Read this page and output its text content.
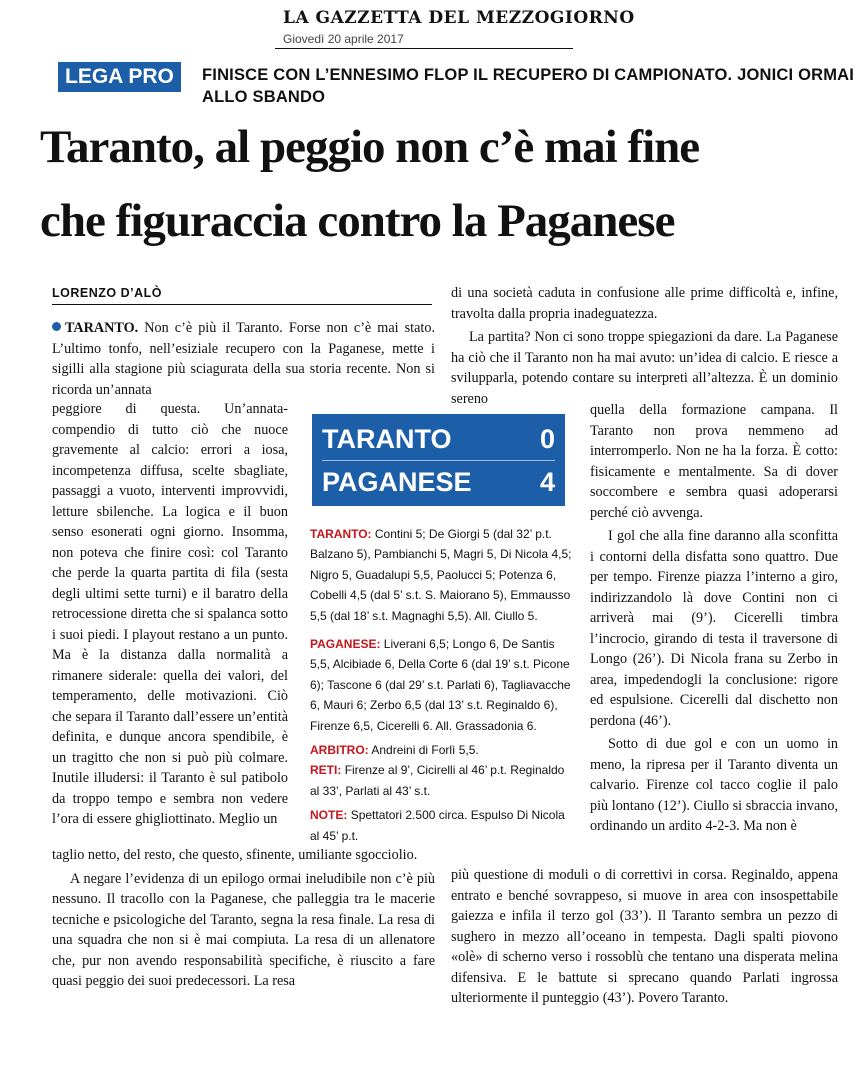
LA GAZZETTA DEL MEZZOGIORNO
Giovedì 20 aprile 2017
LEGA PRO	FINISCE CON L’ENNESIMO FLOP IL RECUPERO DI CAMPIONATO. JONICI ORMAI ALLO SBANDO
Taranto, al peggio non c’è mai fine
che figuraccia contro la Paganese
LORENZO D’ALÒ

TARANTO. Non c’è più il Taranto. Forse non c’è mai stato. L’ultimo tonfo, nell’esiziale recupero con la Paganese, mette i sigilli alla stagione più sciagurata della sua storia recente. Non si ricorda un’annata

peggiore di questa. Un’annata-compendio di tutto ciò che nuoce gravemente al calcio: errori a iosa, incompetenza diffusa, scelte sbagliate, passaggi a vuoto, interventi improvvidi, letture sbilenche. La logica e il buon senso esonerati ogni giorno. Insomma, non poteva che finire così: col Taranto che perde la quarta partita di fila (sesta degli ultimi sette turni) e il baratro della retrocessione diretta che si spalanca sotto i suoi piedi. I playout restano a un punto. Ma è la distanza dalla normalità a rimanere siderale: quella dei valori, del temperamento, delle motivazioni. Ciò che separa il Taranto dall’essere un’entità definita, e dunque ancora spendibile, è un tragitto che non si può più colmare. Inutile illudersi: il Taranto è sul patibolo da troppo tempo e sembra non vedere l’ora di essere ghigliottinato. Meglio un

taglio netto, del resto, che questo, sfinente, umiliante sgocciolio.

A negare l’evidenza di un epilogo ormai ineludibile non c’è più nessuno. Il tracollo con la Paganese, che palleggia tra le macerie tecniche e psicologiche del Taranto, segna la resa finale. La resa di una squadra che non si è mai compiuta. La resa di un allenatore che, pur non avendo responsabilità specifiche, è riuscito a fare quasi peggio dei suoi predecessori. La resa

di una società caduta in confusione alle prime difficoltà e, infine, travolta dalla propria inadeguatezza.

La partita? Non ci sono troppe spiegazioni da dare. La Paganese ha ciò che il Taranto non ha mai avuto: un’idea di calcio. E riesce a svilupparla, potendo contare su interpreti all’altezza. È un dominio sereno

quella della formazione campana. Il Taranto non prova nemmeno ad interromperlo. Non ne ha la forza. È cotto: fisicamente e mentalmente. Sa di dover soccombere e sembra quasi adoperarsi perché ciò avvenga.

I gol che alla fine daranno alla sconfitta i contorni della disfatta sono quattro. Due per tempo. Firenze piazza l’interno a giro, indirizzandolo là dove Contini non ci arriverà mai (9’). Cicerelli timbra l’incrocio, girando di testa il traversone di Longo (26’). Di Nicola frana su Zerbo in area, impedendogli la conclusione: rigore ed espulsione. Cicerelli dal dischetto non perdona (46’).

Sotto di due gol e con un uomo in meno, la ripresa per il Taranto diventa un calvario. Firenze col tacco coglie il palo più lontano (12’). Ciullo si sbraccia invano, ordinando un ardito 4-2-3. Ma non è

più questione di moduli o di correttivi in corsa. Reginaldo, appena entrato e benché sovrappeso, si muove in area con insospettabile gaiezza e infila il terzo gol (33’). Il Taranto sembra un pezzo di sughero in mezzo all’oceano in tempesta. Dagli spalti piovono «olè» di scherno verso i rossoblù che tentano una disperata melina difensiva. E le battute si sprecano quando Parlati ingrossa ulteriormente il punteggio (43’). Povero Taranto.

TARANTO	0
PAGANESE	4

TARANTO: Contini 5; De Giorgi 5 (dal 32’ p.t. Balzano 5), Pambianchi 5, Magri 5, Di Nicola 4,5; Nigro 5, Guadalupi 5,5, Paolucci 5; Potenza 6, Cobelli 4,5 (dal 5’ s.t. S. Maiorano 5), Emmausso 5,5 (dal 18’ s.t. Magnaghi 5,5). All. Ciullo 5.

PAGANESE: Liverani 6,5; Longo 6, De Santis 5,5, Alcibiade 6, Della Corte 6 (dal 19’ s.t. Picone 6); Tascone 6 (dal 29’ s.t. Parlati 6), Tagliavacche 6, Mauri 6; Zerbo 6,5 (dal 13’ s.t. Reginaldo 6), Firenze 6,5, Cicerelli 6. All. Grassadonia 6.

ARBITRO: Andreini di Forlì 5,5.

RETI: Firenze al 9’, Cicirelli al 46’ p.t. Reginaldo al 33’, Parlati al 43’ s.t.

NOTE: Spettatori 2.500 circa. Espulso Di Nicola al 45’ p.t.
